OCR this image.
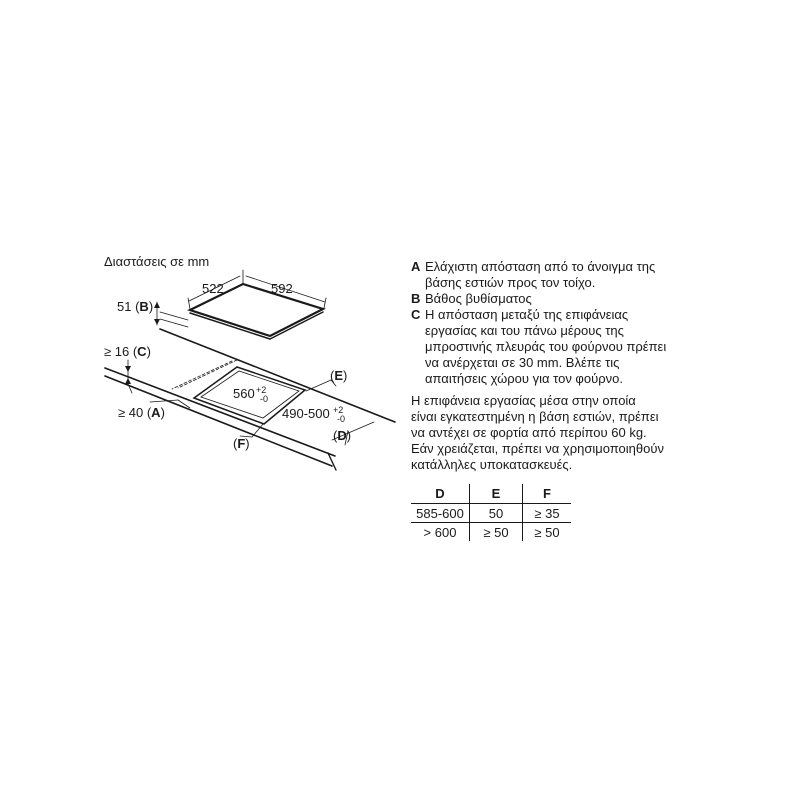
Διαστάσεις σε mm
522	592
51 (B)
≥ 16 (C)
≥ 40 (A)
(E)
(F)
(D)
560 +2
-0
490-500 +2
-0
A Ελάχιστη απόσταση από το άνοιγμα της βάσης εστιών προς τον τοίχο.
B Βάθος βυθίσματος
C Η απόσταση μεταξύ της επιφάνειας εργασίας και του πάνω μέρους της μπροστινής πλευράς του φούρνου πρέπει να ανέρχεται σε 30 mm. Βλέπε τις απαιτήσεις χώρου για τον φούρνο.
Η επιφάνεια εργασίας μέσα στην οποία
είναι εγκατεστημένη η βάση εστιών, πρέπει
να αντέχει σε φορτία από περίπου 60 kg.
Εάν χρειάζεται, πρέπει να χρησιμοποιηθούν
κατάλληλες υποκατασκευές.
D	E	F
585-600	50	≥ 35
> 600	≥ 50	≥ 50
